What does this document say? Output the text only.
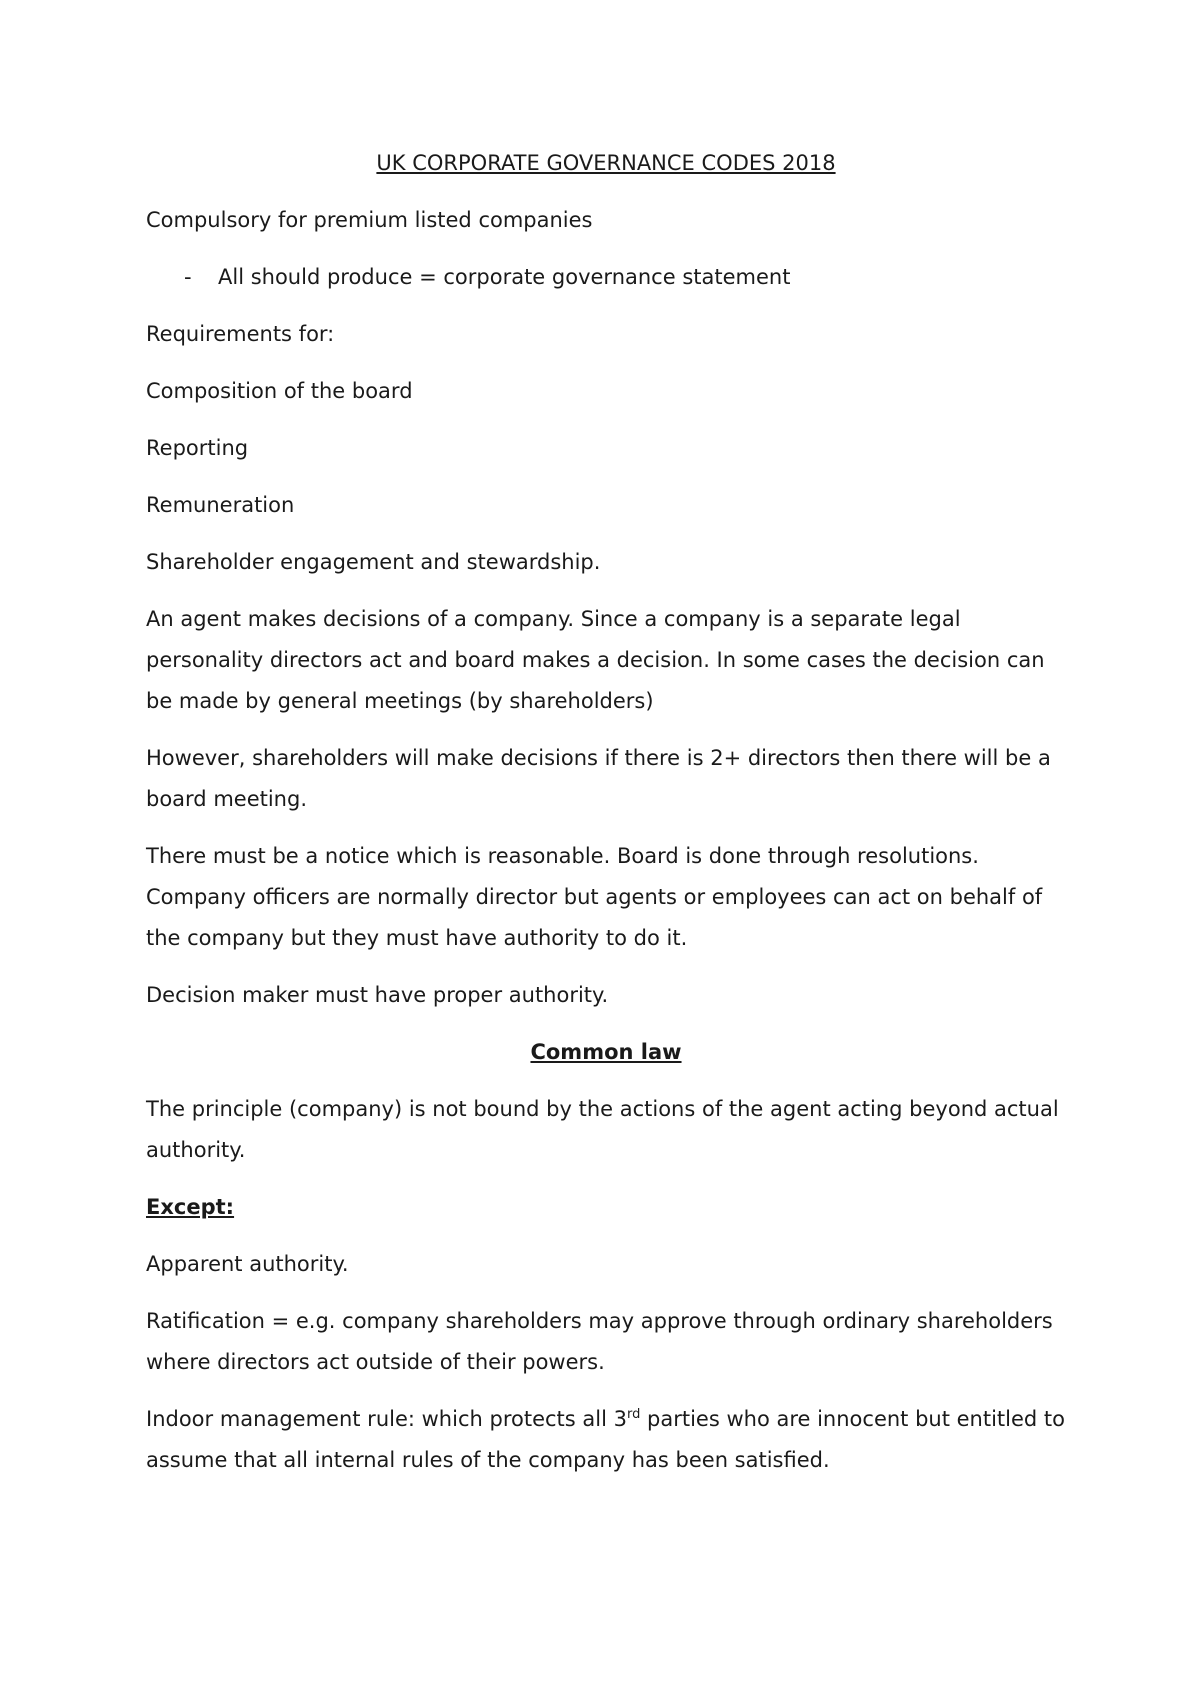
UK CORPORATE GOVERNANCE CODES 2018
Compulsory for premium listed companies
- All should produce = corporate governance statement
Requirements for:
Composition of the board
Reporting
Remuneration
Shareholder engagement and stewardship.
An agent makes decisions of a company. Since a company is a separate legal personality directors act and board makes a decision. In some cases the decision can be made by general meetings (by shareholders)
However, shareholders will make decisions if there is 2+ directors then there will be a board meeting.
There must be a notice which is reasonable. Board is done through resolutions. Company officers are normally director but agents or employees can act on behalf of the company but they must have authority to do it.
Decision maker must have proper authority.
Common law
The principle (company) is not bound by the actions of the agent acting beyond actual authority.
Except:
Apparent authority.
Ratification = e.g. company shareholders may approve through ordinary shareholders where directors act outside of their powers.
Indoor management rule: which protects all 3rd parties who are innocent but entitled to assume that all internal rules of the company has been satisfied.
